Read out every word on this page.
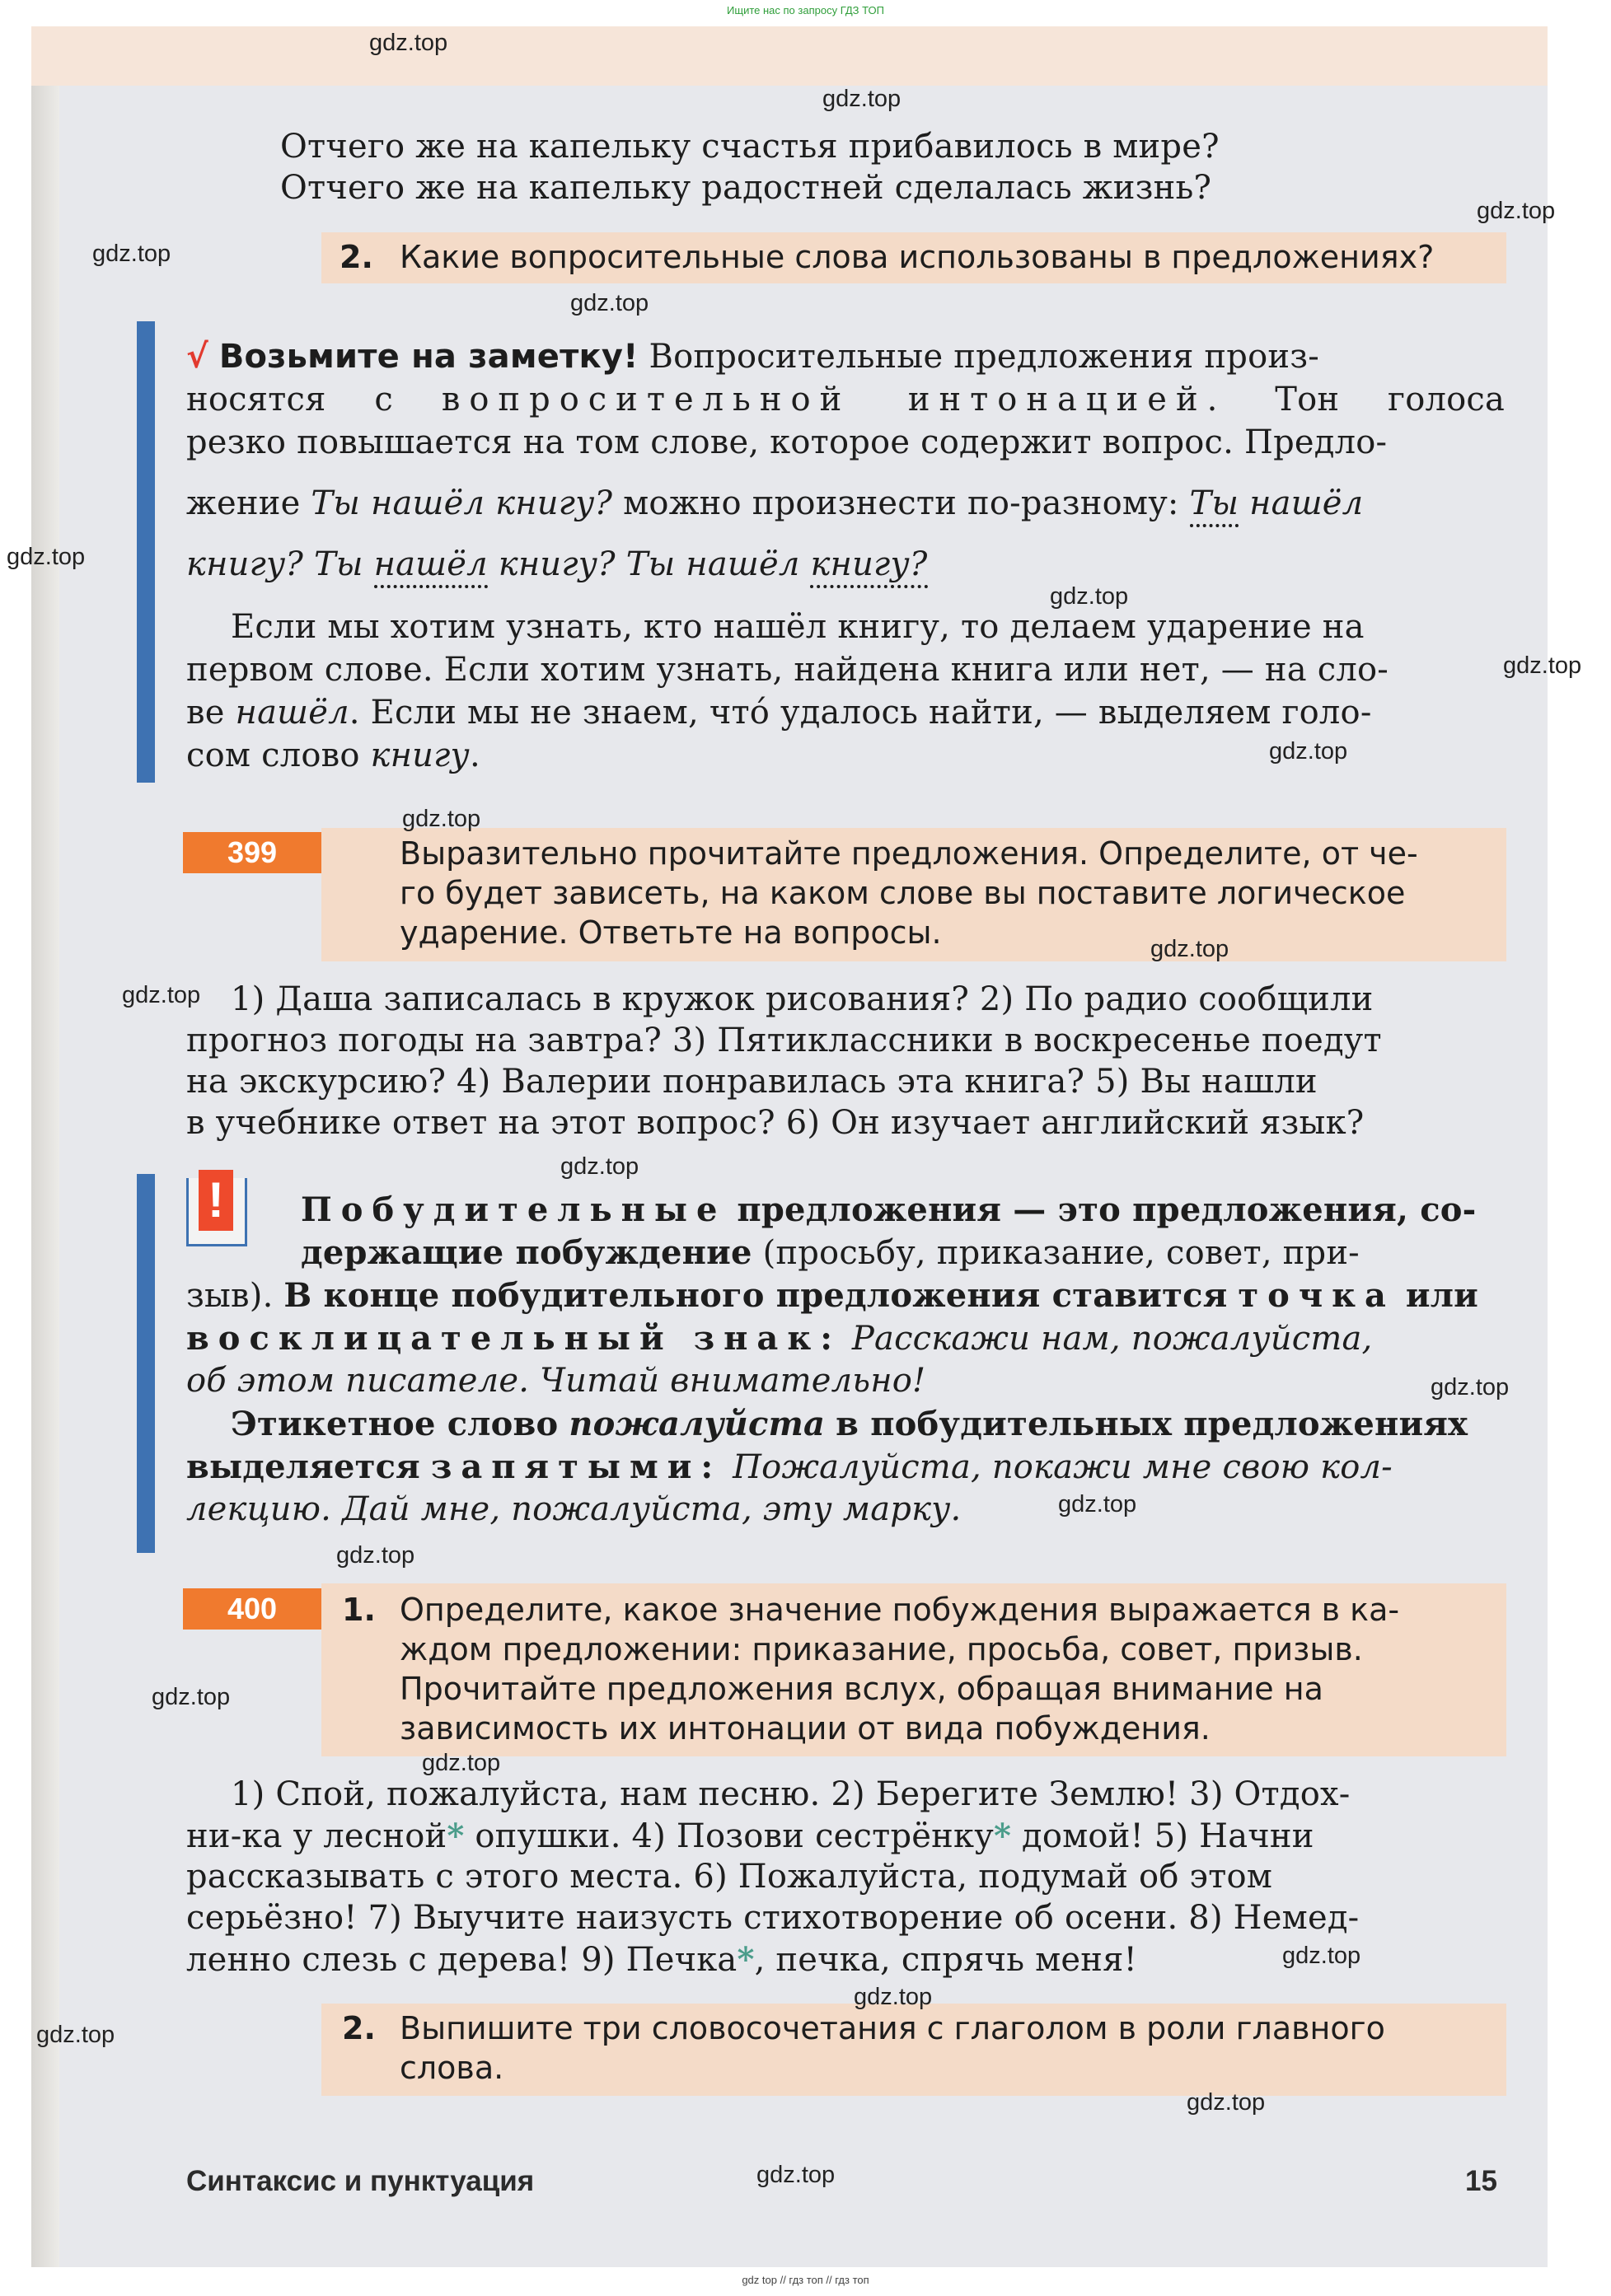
Ищите нас по запросу ГДЗ ТОП
Отчего же на капельку счастья прибавилось в мире?
Отчего же на капельку радостней сделалась жизнь?
2. Какие вопросительные слова использованы в предложениях?
√ Возьмите на заметку! Вопросительные предложения произ-
носятся с вопросительной интонацией. Тон голоса
резко повышается на том слове, которое содержит вопрос. Предло-
жение Ты нашёл книгу? можно произнести по-разному: Ты нашёл
книгу? Ты нашёл книгу? Ты нашёл книгу?
Если мы хотим узнать, кто нашёл книгу, то делаем ударение на
первом слове. Если хотим узнать, найдена книга или нет, — на сло-
ве нашёл. Если мы не знаем, что́ удалось найти, — выделяем голо-
сом слово книгу.
399	Выразительно прочитайте предложения. Определите, от че-
го будет зависеть, на каком слове вы поставите логическое
ударение. Ответьте на вопросы.
1) Даша записалась в кружок рисования? 2) По радио сообщили
прогноз погоды на завтра? 3) Пятиклассники в воскресенье поедут
на экскурсию? 4) Валерии понравилась эта книга? 5) Вы нашли
в учебнике ответ на этот вопрос? 6) Он изучает английский язык?
! Побудительные предложения — это предложения, со-
держащие побуждение (просьбу, приказание, совет, при-
зыв). В конце побудительного предложения ставится точка или
восклицательный знак: Расскажи нам, пожалуйста,
об этом писателе. Читай внимательно!
Этикетное слово пожалуйста в побудительных предложениях
выделяется запятыми: Пожалуйста, покажи мне свою кол-
лекцию. Дай мне, пожалуйста, эту марку.
400	1. Определите, какое значение побуждения выражается в ка-
ждом предложении: приказание, просьба, совет, призыв.
Прочитайте предложения вслух, обращая внимание на
зависимость их интонации от вида побуждения.
1) Спой, пожалуйста, нам песню. 2) Берегите Землю! 3) Отдох-
ни-ка у лесной* опушки. 4) Позови сестрёнку* домой! 5) Начни
рассказывать с этого места. 6) Пожалуйста, подумай об этом
серьёзно! 7) Выучите наизусть стихотворение об осени. 8) Немед-
ленно слезь с дерева! 9) Печка*, печка, спрячь меня!
2. Выпишите три словосочетания с глаголом в роли главного
слова.
Синтаксис и пунктуация	15
gdz top // гдз топ // гдз топ
gdz.top
gdz.top
gdz.top
gdz.top
gdz.top
gdz.top
gdz.top
gdz.top
gdz.top
gdz.top
gdz.top
gdz.top
gdz.top
gdz.top
gdz.top
gdz.top
gdz.top
gdz.top
gdz.top
gdz.top
gdz.top
gdz.top
gdz.top
